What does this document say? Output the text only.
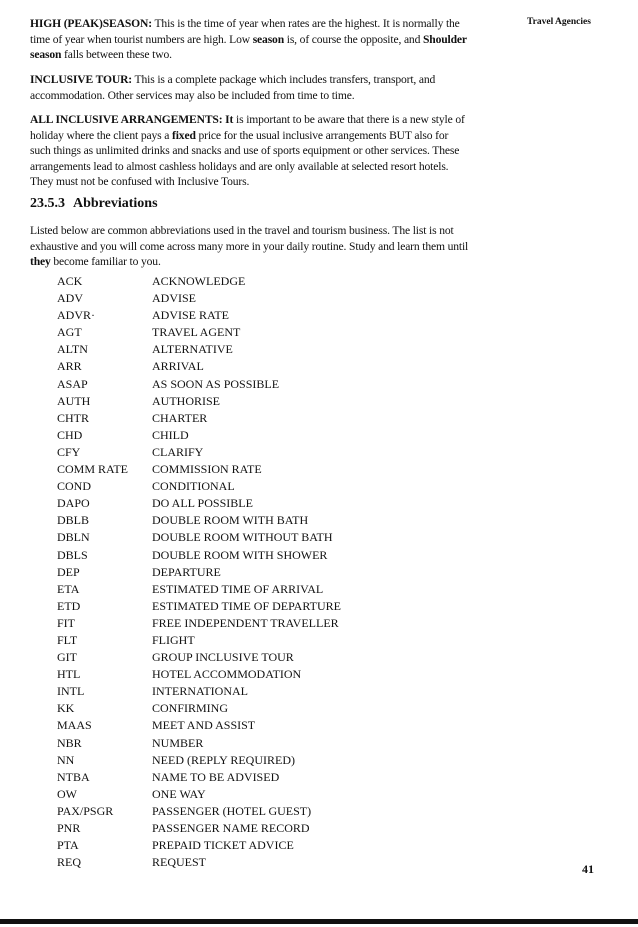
Travel Agencies

HIGH (PEAK)SEASON: This is the time of year when rates are the highest. It is normally the time of year when tourist numbers are high. Low season is, of course the opposite, and Shoulder season falls between these two.

INCLUSIVE TOUR: This is a complete package which includes transfers, transport, and accommodation. Other services may also be included from time to time.

ALL INCLUSIVE ARRANGEMENTS: It is important to be aware that there is a new style of holiday where the client pays a fixed price for the usual inclusive arrangements BUT also for such things as unlimited drinks and snacks and use of sports equipment or other services. These arrangements lead to almost cashless holidays and are only available at selected resort hotels. They must not be confused with Inclusive Tours.

23.5.3 Abbreviations

Listed below are common abbreviations used in the travel and tourism business. The list is not exhaustive and you will come across many more in your daily routine. Study and learn them until they become familiar to you.

ACK	ACKNOWLEDGE
ADV	ADVISE
ADVR·	ADVISE RATE
AGT	TRAVEL AGENT
ALTN	ALTERNATIVE
ARR	ARRIVAL
ASAP	AS SOON AS POSSIBLE
AUTH	AUTHORISE
CHTR	CHARTER
CHD	CHILD
CFY	CLARIFY
COMM RATE	COMMISSION RATE
COND	CONDITIONAL
DAPO	DO ALL POSSIBLE
DBLB	DOUBLE ROOM WITH BATH
DBLN	DOUBLE ROOM WITHOUT BATH
DBLS	DOUBLE ROOM WITH SHOWER
DEP	DEPARTURE
ETA	ESTIMATED TIME OF ARRIVAL
ETD	ESTIMATED TIME OF DEPARTURE
FIT	FREE INDEPENDENT TRAVELLER
FLT	FLIGHT
GIT	GROUP INCLUSIVE TOUR
HTL	HOTEL ACCOMMODATION
INTL	INTERNATIONAL
KK	CONFIRMING
MAAS	MEET AND ASSIST
NBR	NUMBER
NN	NEED (REPLY REQUIRED)
NTBA	NAME TO BE ADVISED
OW	ONE WAY
PAX/PSGR	PASSENGER (HOTEL GUEST)
PNR	PASSENGER NAME RECORD
PTA	PREPAID TICKET ADVICE
REQ	REQUEST	41
